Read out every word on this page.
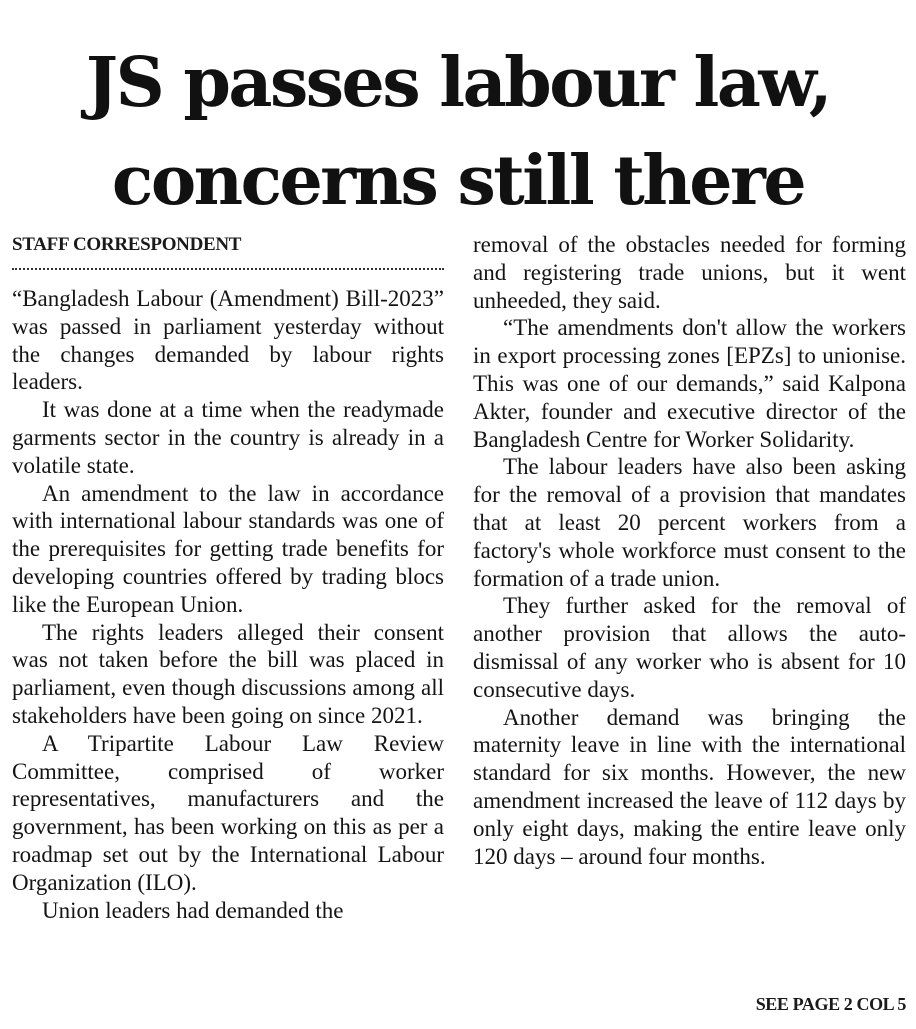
JS passes labour law,
concerns still there
STAFF CORRESPONDENT

“Bangladesh Labour (Amendment) Bill-2023” was passed in parliament yesterday without the changes demanded by labour rights leaders.

It was done at a time when the readymade garments sector in the country is already in a volatile state.

An amendment to the law in accordance with international labour standards was one of the prerequisites for getting trade benefits for developing countries offered by trading blocs like the European Union.

The rights leaders alleged their consent was not taken before the bill was placed in parliament, even though discussions among all stakeholders have been going on since 2021.

A Tripartite Labour Law Review Committee, comprised of worker representatives, manufacturers and the government, has been working on this as per a roadmap set out by the International Labour Organization (ILO).

Union leaders had demanded the

removal of the obstacles needed for forming and registering trade unions, but it went unheeded, they said.

“The amendments don't allow the workers in export processing zones [EPZs] to unionise. This was one of our demands,” said Kalpona Akter, founder and executive director of the Bangladesh Centre for Worker Solidarity.

The labour leaders have also been asking for the removal of a provision that mandates that at least 20 percent workers from a factory's whole workforce must consent to the formation of a trade union.

They further asked for the removal of another provision that allows the auto-dismissal of any worker who is absent for 10 consecutive days.

Another demand was bringing the maternity leave in line with the international standard for six months. However, the new amendment increased the leave of 112 days by only eight days, making the entire leave only 120 days – around four months.

SEE PAGE 2 COL 5
